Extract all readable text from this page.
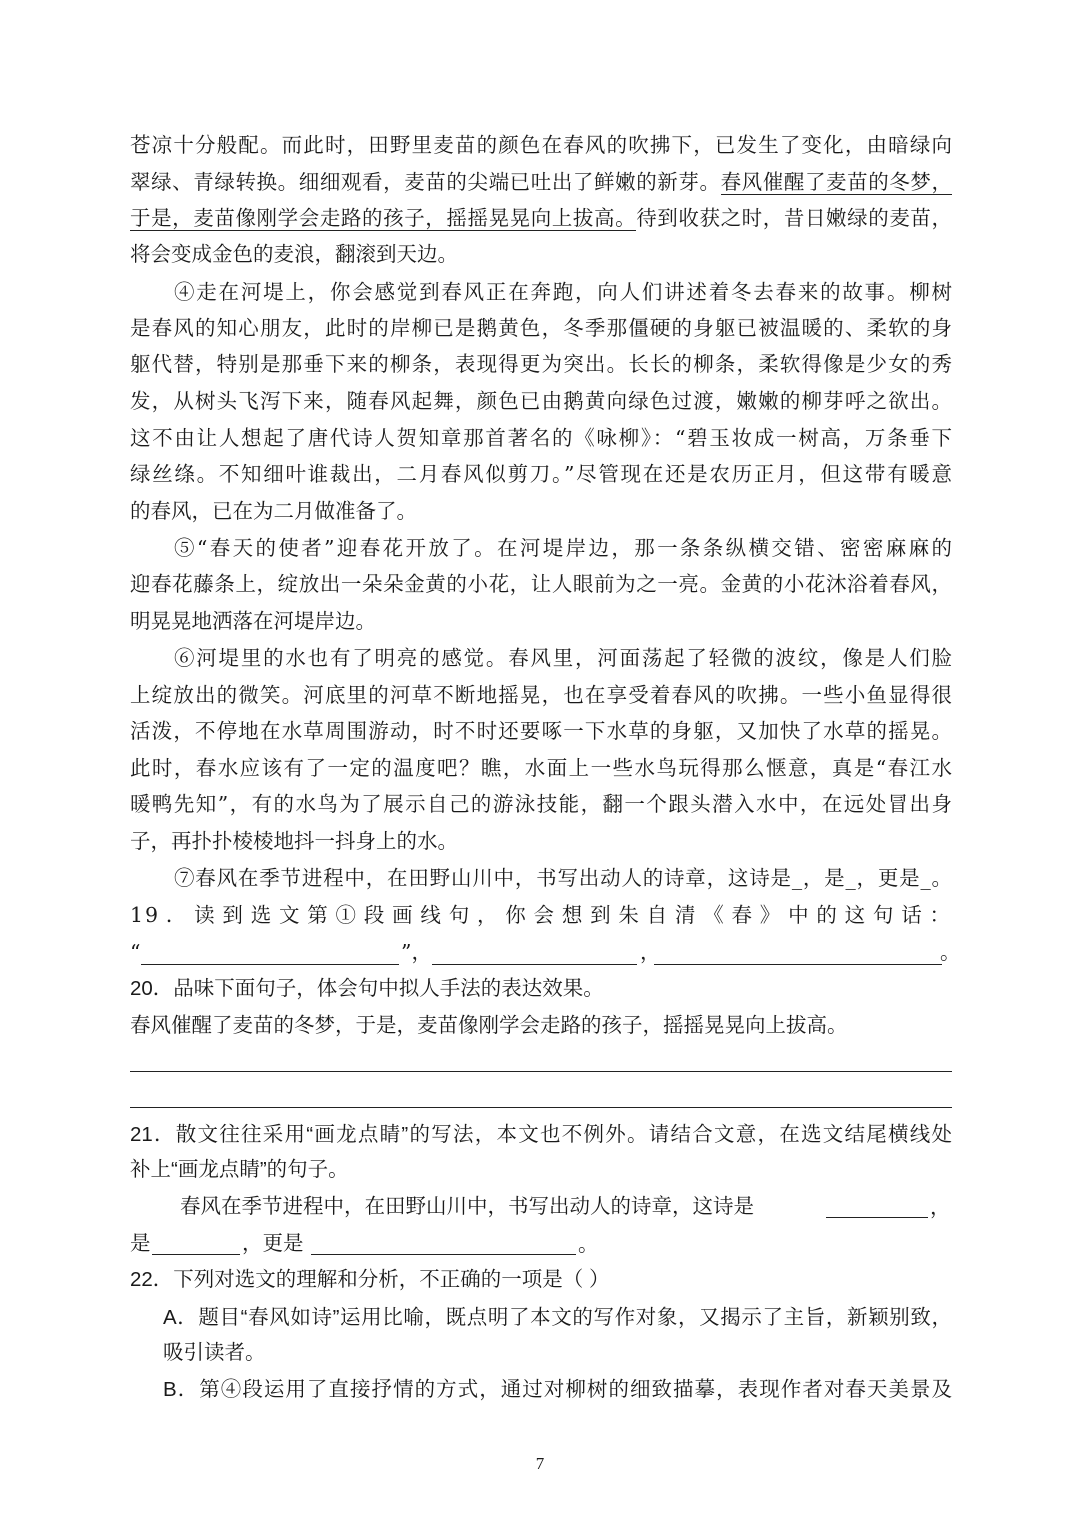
苍凉十分般配。而此时，田野里麦苗的颜色在春风的吹拂下，已发生了变化，由暗绿向
翠绿、青绿转换。细细观看，麦苗的尖端已吐出了鲜嫩的新芽。春风催醒了麦苗的冬梦，
于是，麦苗像刚学会走路的孩子，摇摇晃晃向上拔高。待到收获之时，昔日嫩绿的麦苗，
将会变成金色的麦浪，翻滚到天边。
④走在河堤上，你会感觉到春风正在奔跑，向人们讲述着冬去春来的故事。柳树
是春风的知心朋友，此时的岸柳已是鹅黄色，冬季那僵硬的身躯已被温暖的、柔软的身
躯代替，特别是那垂下来的柳条，表现得更为突出。长长的柳条，柔软得像是少女的秀
发，从树头飞泻下来，随春风起舞，颜色已由鹅黄向绿色过渡，嫩嫩的柳芽呼之欲出。
这不由让人想起了唐代诗人贺知章那首著名的《咏柳》：“碧玉妆成一树高，万条垂下
绿丝绦。不知细叶谁裁出，二月春风似剪刀。”尽管现在还是农历正月，但这带有暖意
的春风，已在为二月做准备了。
⑤“春天的使者”迎春花开放了。在河堤岸边，那一条条纵横交错、密密麻麻的
迎春花藤条上，绽放出一朵朵金黄的小花，让人眼前为之一亮。金黄的小花沐浴着春风，
明晃晃地洒落在河堤岸边。
⑥河堤里的水也有了明亮的感觉。春风里，河面荡起了轻微的波纹，像是人们脸
上绽放出的微笑。河底里的河草不断地摇晃，也在享受着春风的吹拂。一些小鱼显得很
活泼，不停地在水草周围游动，时不时还要啄一下水草的身躯，又加快了水草的摇晃。
此时，春水应该有了一定的温度吧？瞧，水面上一些水鸟玩得那么惬意，真是“春江水
暖鸭先知”，有的水鸟为了展示自己的游泳技能，翻一个跟头潜入水中，在远处冒出身
子，再扑扑棱棱地抖一抖身上的水。
⑦春风在季节进程中，在田野山川中，书写出动人的诗章，这诗是_，是_，更是_。
19．读到选文第①段画线句，你会想到朱自清《春》中的这句话：
“	”，	，	。
20．品味下面句子，体会句中拟人手法的表达效果。
春风催醒了麦苗的冬梦，于是，麦苗像刚学会走路的孩子，摇摇晃晃向上拔高。
21．散文往往采用“画龙点睛”的写法，本文也不例外。请结合文意，在选文结尾横线处
补上“画龙点睛”的句子。
春风在季节进程中，在田野山川中，书写出动人的诗章，这诗是	，
是	，更是	。
22．下列对选文的理解和分析，不正确的一项是（ ）
A．题目“春风如诗”运用比喻，既点明了本文的写作对象，又揭示了主旨，新颖别致，
吸引读者。
B．第④段运用了直接抒情的方式，通过对柳树的细致描摹，表现作者对春天美景及
7
